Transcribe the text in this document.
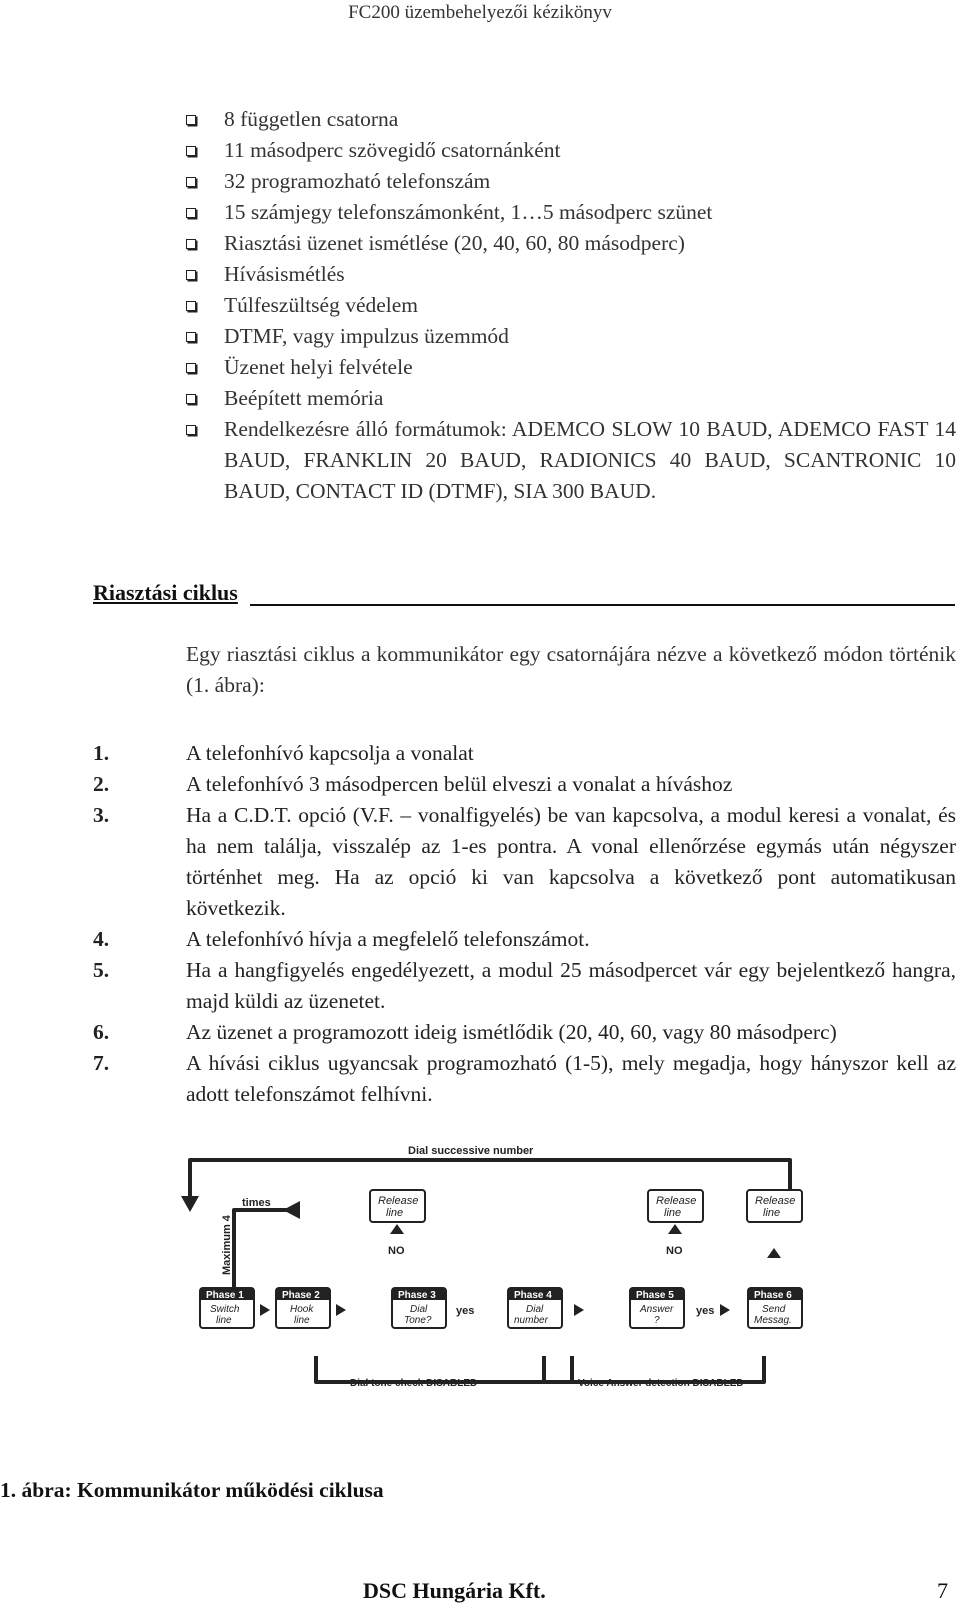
FC200 üzembehelyezői kézikönyv
8 független csatorna
11 másodperc szövegidő csatornánként
32 programozható telefonszám
15 számjegy telefonszámonként, 1…5 másodperc szünet
Riasztási üzenet ismétlése (20, 40, 60, 80 másodperc)
Hívásismétlés
Túlfeszültség védelem
DTMF, vagy impulzus üzemmód
Üzenet helyi felvétele
Beépített memória
Rendelkezésre álló formátumok: ADEMCO SLOW 10 BAUD, ADEMCO FAST 14 BAUD, FRANKLIN 20 BAUD, RADIONICS 40 BAUD, SCANTRONIC 10 BAUD, CONTACT ID (DTMF), SIA 300 BAUD.
Riasztási ciklus
Egy riasztási ciklus a kommunikátor egy csatornájára nézve a következő módon történik (1. ábra):
1.	A telefonhívó kapcsolja a vonalat
2.	A telefonhívó 3 másodpercen belül elveszi a vonalat a híváshoz
3.	Ha a C.D.T. opció (V.F. – vonalfigyelés) be van kapcsolva, a modul keresi a vonalat, és ha nem találja, visszalép az 1-es pontra. A vonal ellenőrzése egymás után négyszer történhet meg. Ha az opció ki van kapcsolva a következő pont automatikusan következik.
4.	A telefonhívó hívja a megfelelő telefonszámot.
5.	Ha a hangfigyelés engedélyezett, a modul 25 másodpercet vár egy bejelentkező hangra, majd küldi az üzenetet.
6.	Az üzenet a programozott ideig ismétlődik (20, 40, 60, vagy 80 másodperc)
7.	A hívási ciklus ugyancsak programozható (1-5), mely megadja, hogy hányszor kell az adott telefonszámot felhívni.
Dial successive number
times
Maximum 4
Release
line
Release
line
Release
line
NO	NO
yes	yes
Phase 1	Phase 2	Phase 3	Phase 4	Phase 5	Phase 6
Switch
line
Hook
line
Dial
Tone?
Dial
number
Answer
?
Send
Messag.
Dial tone check DISABLED	Voice Answer detection DISABLED
1. ábra: Kommunikátor működési ciklusa
DSC Hungária Kft.	7
